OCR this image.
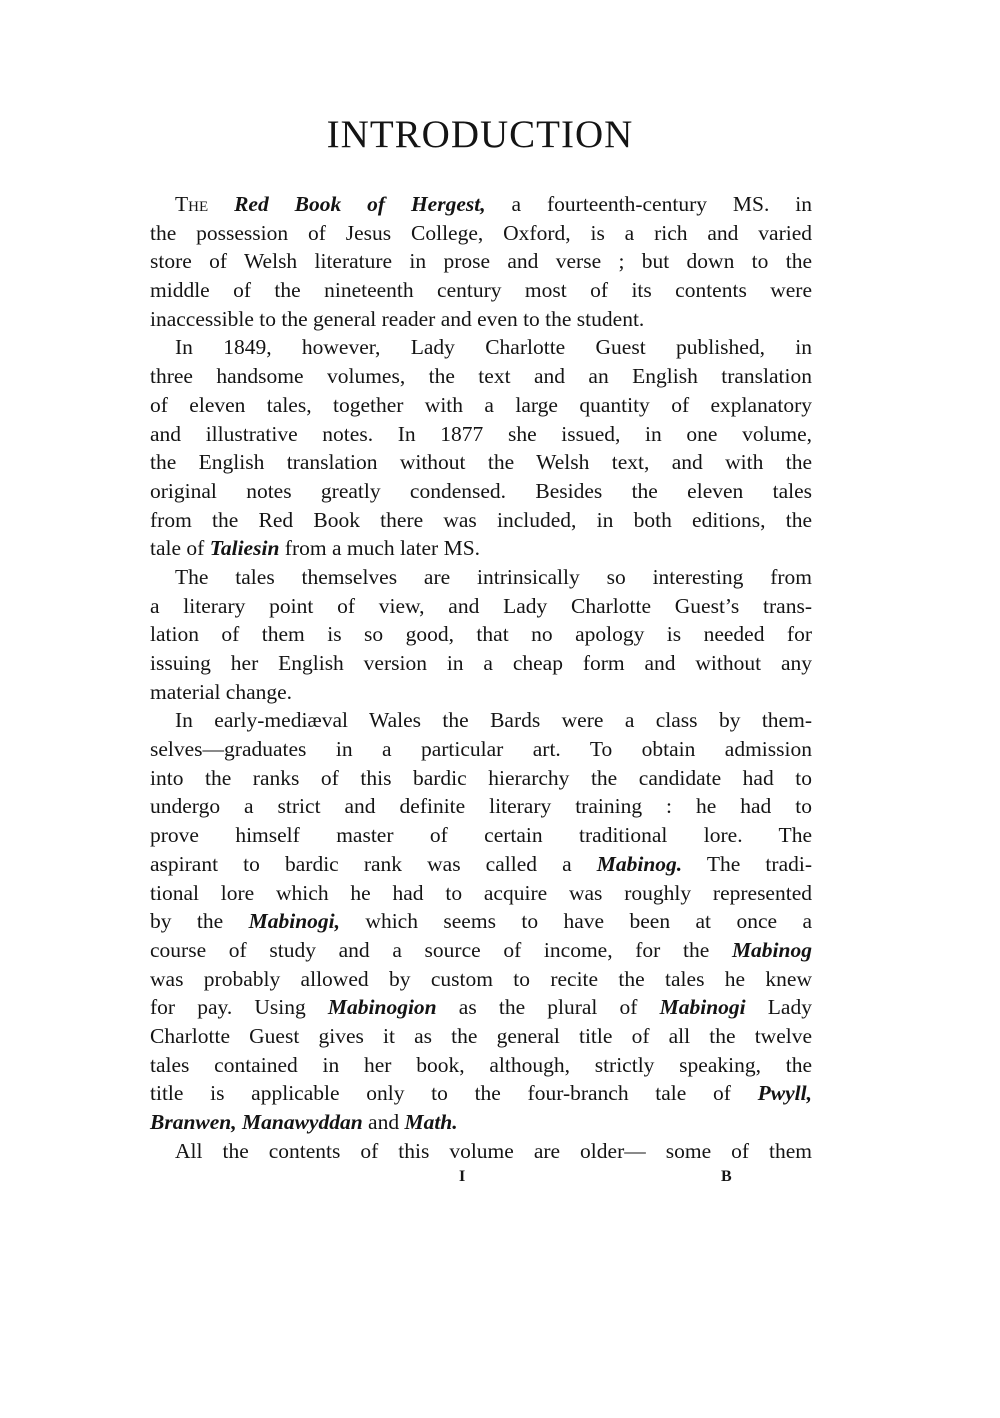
INTRODUCTION
The Red Book of Hergest, a fourteenth-century MS. in
the possession of Jesus College, Oxford, is a rich and varied
store of Welsh literature in prose and verse ; but down to the
middle of the nineteenth century most of its contents were
inaccessible to the general reader and even to the student.
In 1849, however, Lady Charlotte Guest published, in
three handsome volumes, the text and an English translation
of eleven tales, together with a large quantity of explanatory
and illustrative notes. In 1877 she issued, in one volume,
the English translation without the Welsh text, and with the
original notes greatly condensed. Besides the eleven tales
from the Red Book there was included, in both editions, the
tale of Taliesin from a much later MS.
The tales themselves are intrinsically so interesting from
a literary point of view, and Lady Charlotte Guest’s trans-
lation of them is so good, that no apology is needed for
issuing her English version in a cheap form and without any
material change.
In early-mediæval Wales the Bards were a class by them-
selves—graduates in a particular art. To obtain admission
into the ranks of this bardic hierarchy the candidate had to
undergo a strict and definite literary training : he had to
prove himself master of certain traditional lore. The
aspirant to bardic rank was called a Mabinog. The tradi-
tional lore which he had to acquire was roughly represented
by the Mabinogi, which seems to have been at once a
course of study and a source of income, for the Mabinog
was probably allowed by custom to recite the tales he knew
for pay. Using Mabinogion as the plural of Mabinogi Lady
Charlotte Guest gives it as the general title of all the twelve
tales contained in her book, although, strictly speaking, the
title is applicable only to the four-branch tale of Pwyll,
Branwen, Manawyddan and Math.
All the contents of this volume are older— some of them
I	B
